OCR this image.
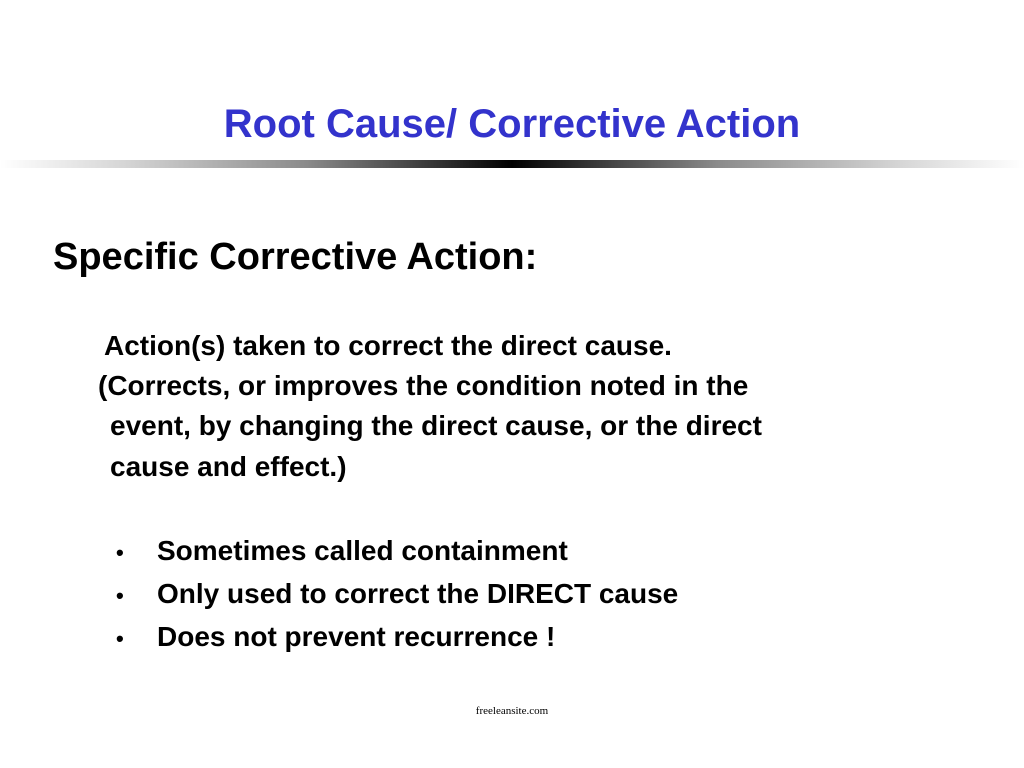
Root Cause/ Corrective Action
Specific Corrective Action:

Action(s) taken to correct the direct cause.

(Corrects, or improves the condition noted in the

event, by changing the direct cause, or the direct

cause and effect.)

•	Sometimes called containment
•	Only used to correct the DIRECT cause
•	Does not prevent recurrence !
freeleansite.com
